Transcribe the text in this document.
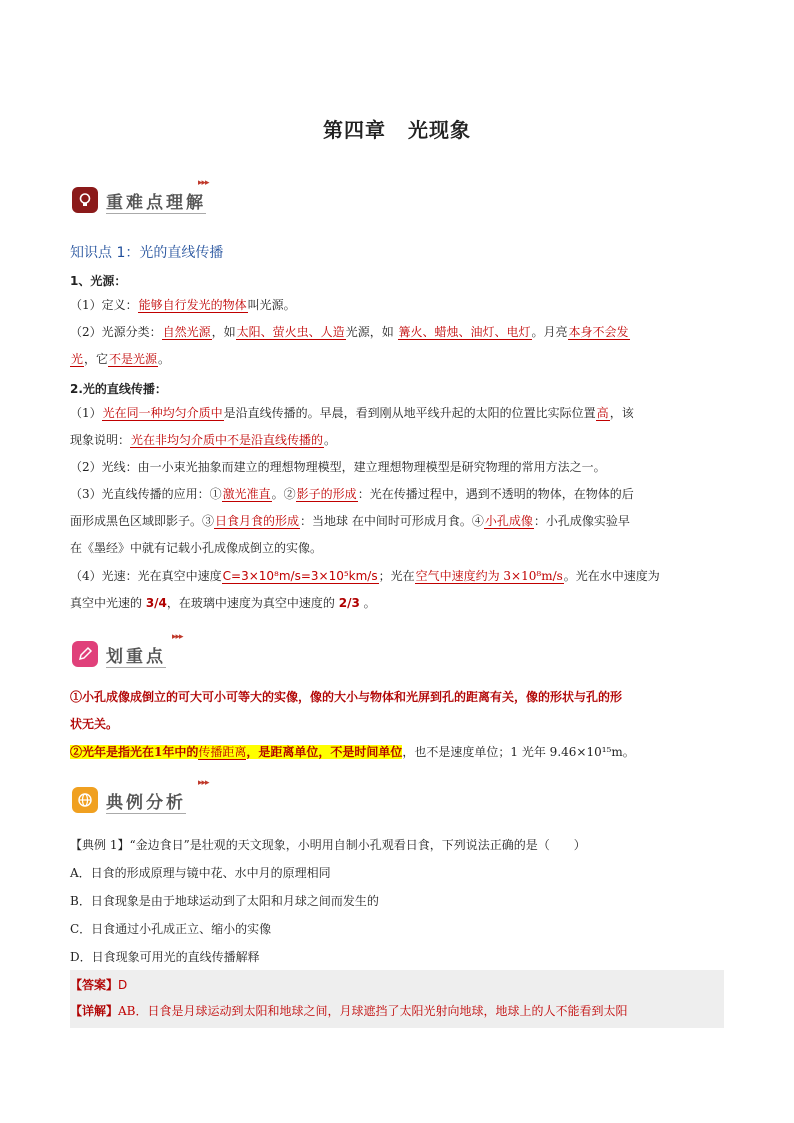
第四章 光现象
重难点理解
▸▸▸
知识点 1：光的直线传播
1、光源：
（1）定义：能够自行发光的物体叫光源。
（2）光源分类：自然光源，如太阳、萤火虫、人造光源，如 篝火、蜡烛、油灯、电灯。月亮本身不会发
光，它不是光源。
2.光的直线传播：
（1）光在同一种均匀介质中是沿直线传播的。早晨，看到刚从地平线升起的太阳的位置比实际位置高，该
现象说明：光在非均匀介质中不是沿直线传播的。
（2）光线：由一小束光抽象而建立的理想物理模型，建立理想物理模型是研究物理的常用方法之一。
（3）光直线传播的应用：①激光准直。②影子的形成：光在传播过程中，遇到不透明的物体，在物体的后
面形成黑色区域即影子。③日食月食的形成：当地球 在中间时可形成月食。④小孔成像：小孔成像实验早
在《墨经》中就有记载小孔成像成倒立的实像。
（4）光速：光在真空中速度C=3×10⁸m/s=3×10⁵km/s；光在空气中速度约为 3×10⁸m/s。光在水中速度为
真空中光速的 3/4，在玻璃中速度为真空中速度的 2/3 。
划重点
▸▸▸
①小孔成像成倒立的可大可小可等大的实像，像的大小与物体和光屏到孔的距离有关，像的形状与孔的形
状无关。
②光年是指光在1年中的传播距离，是距离单位，不是时间单位，也不是速度单位；1 光年 9.46×10¹⁵m。
典例分析
▸▸▸
【典例 1】“金边食日”是壮观的天文现象，小明用自制小孔观看日食，下列说法正确的是（　　）
A．日食的形成原理与镜中花、水中月的原理相同
B．日食现象是由于地球运动到了太阳和月球之间而发生的
C．日食通过小孔成正立、缩小的实像
D．日食现象可用光的直线传播解释
【答案】D
【详解】AB．日食是月球运动到太阳和地球之间，月球遮挡了太阳光射向地球，地球上的人不能看到太阳
